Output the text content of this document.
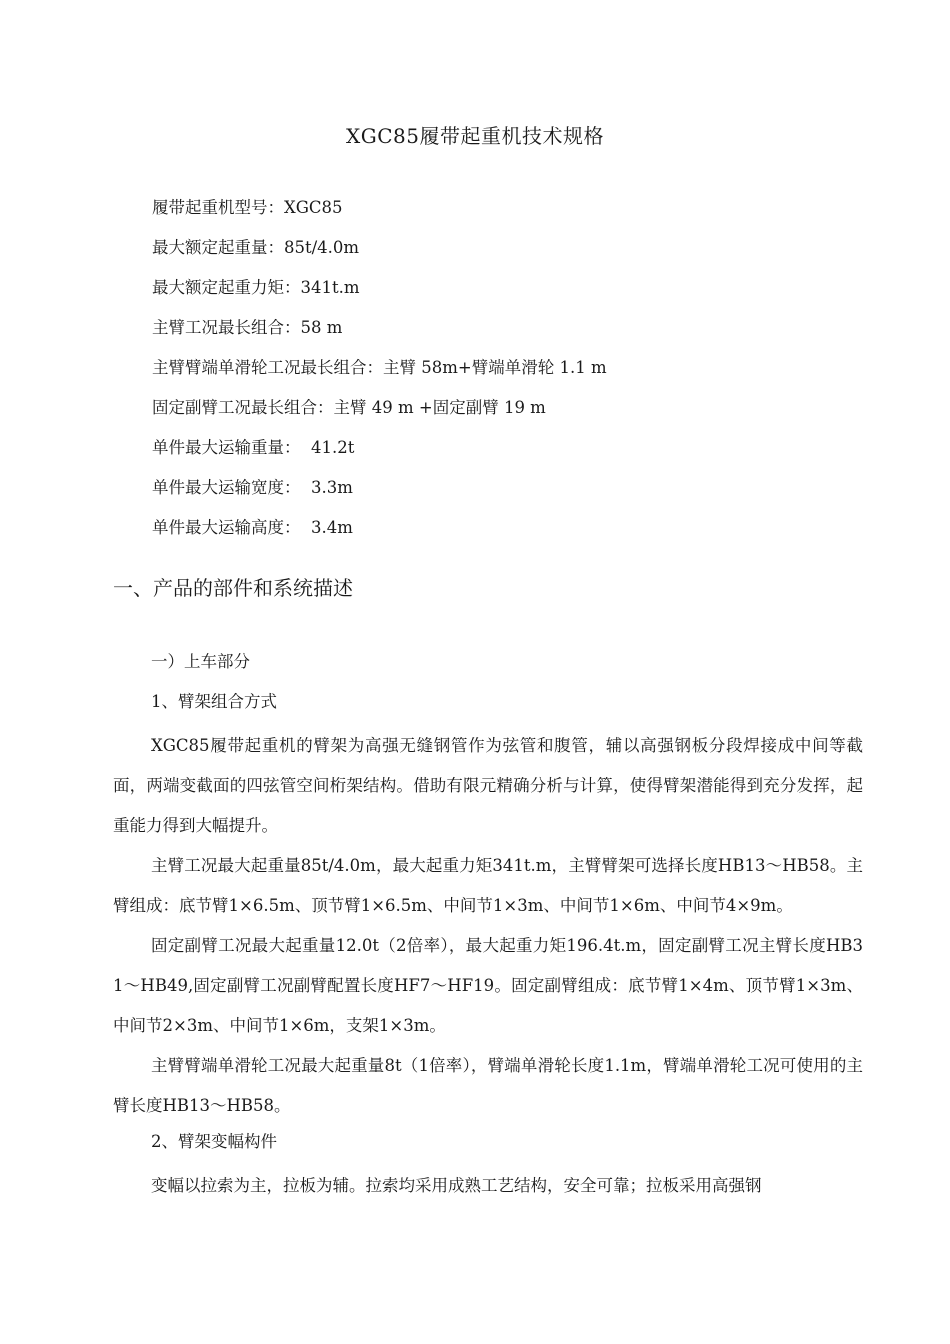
XGC85履带起重机技术规格
履带起重机型号：XGC85
最大额定起重量：85t/4.0m
最大额定起重力矩：341t.m
主臂工况最长组合：58 m
主臂臂端单滑轮工况最长组合：主臂 58m+臂端单滑轮 1.1 m
固定副臂工况最长组合：主臂 49 m +固定副臂 19 m
单件最大运输重量：  41.2t
单件最大运输宽度：  3.3m
单件最大运输高度：  3.4m
一、产品的部件和系统描述
一）上车部分
1、臂架组合方式
XGC85履带起重机的臂架为高强无缝钢管作为弦管和腹管，辅以高强钢板分段焊接成中间等截面，两端变截面的四弦管空间桁架结构。借助有限元精确分析与计算，使得臂架潜能得到充分发挥，起重能力得到大幅提升。
主臂工况最大起重量85t/4.0m，最大起重力矩341t.m，主臂臂架可选择长度HB13～HB58。主臂组成：底节臂1×6.5m、顶节臂1×6.5m、中间节1×3m、中间节1×6m、中间节4×9m。
固定副臂工况最大起重量12.0t（2倍率），最大起重力矩196.4t.m，固定副臂工况主臂长度HB31～HB49,固定副臂工况副臂配置长度HF7～HF19。固定副臂组成：底节臂1×4m、顶节臂1×3m、中间节2×3m、中间节1×6m，支架1×3m。
主臂臂端单滑轮工况最大起重量8t（1倍率），臂端单滑轮长度1.1m，臂端单滑轮工况可使用的主臂长度HB13～HB58。
2、臂架变幅构件
变幅以拉索为主，拉板为辅。拉索均采用成熟工艺结构，安全可靠；拉板采用高强钢
